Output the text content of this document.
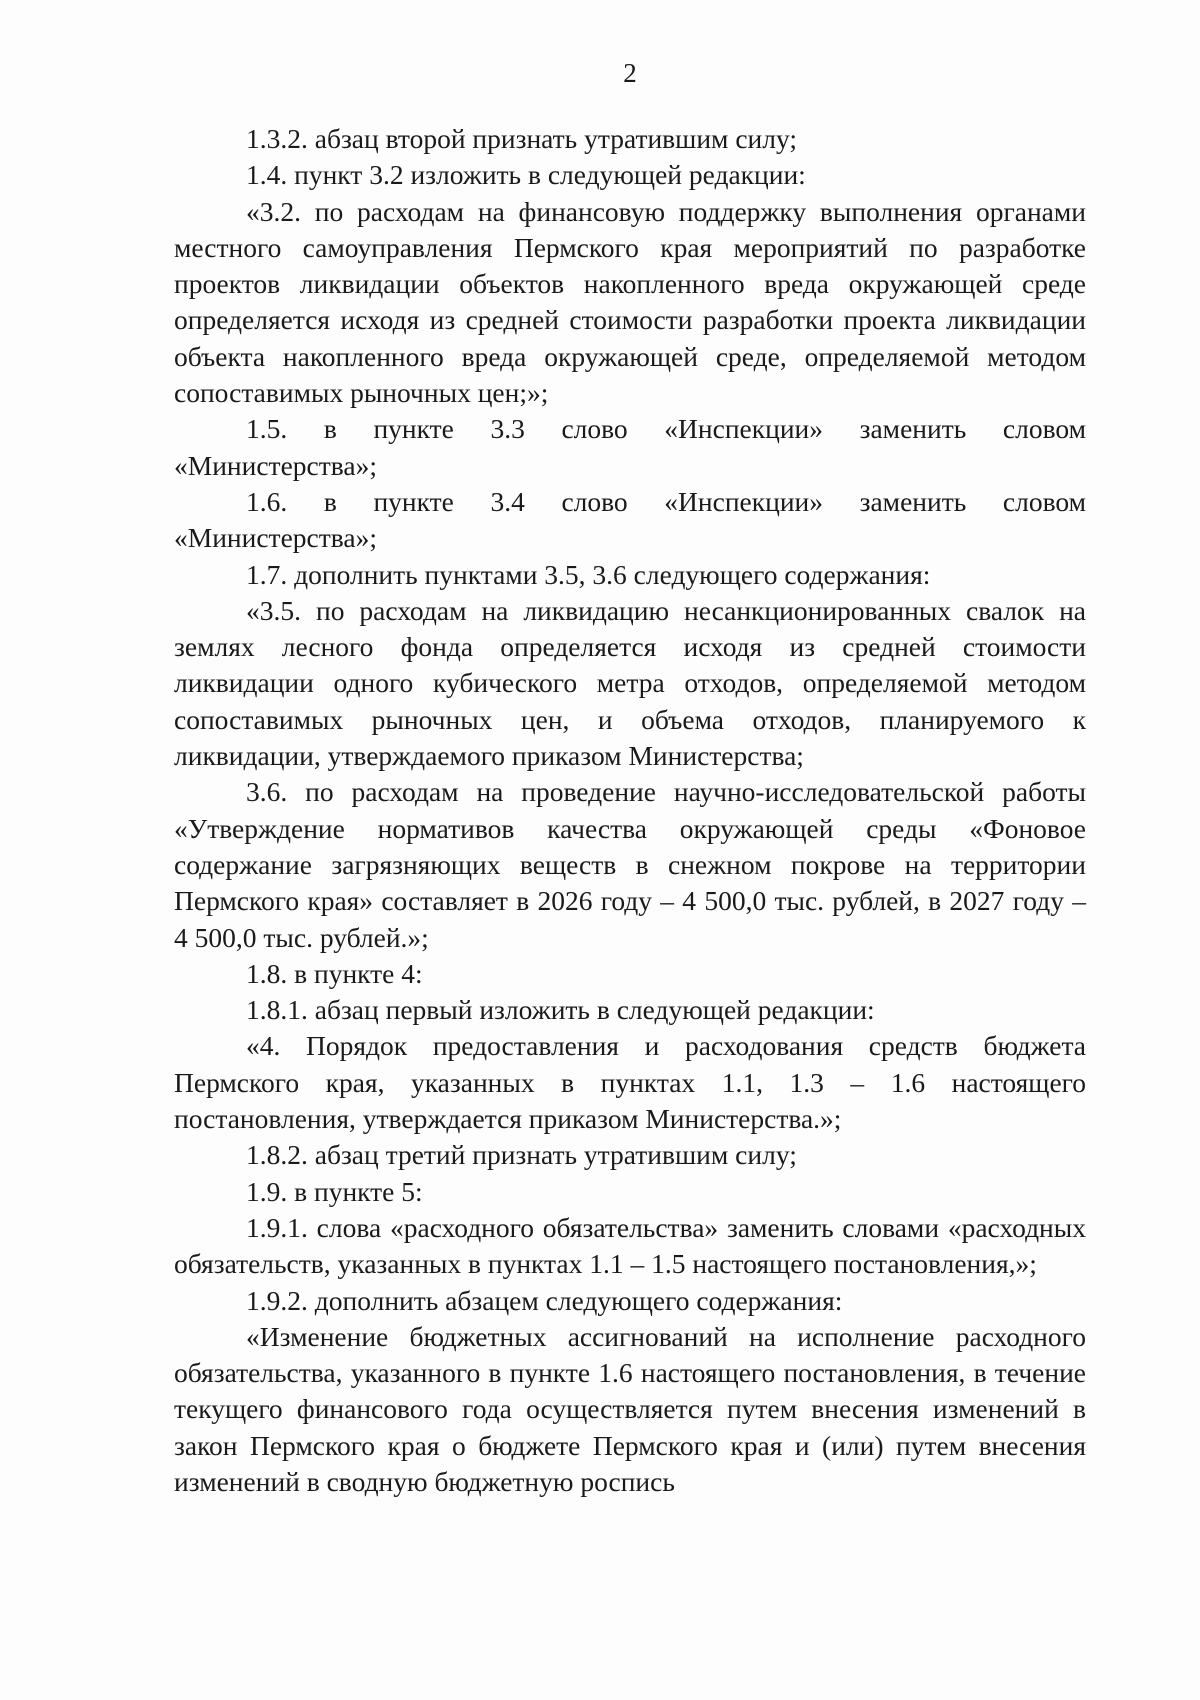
2

1.3.2. абзац второй признать утратившим силу;

1.4. пункт 3.2 изложить в следующей редакции:

«3.2. по расходам на финансовую поддержку выполнения органами местного самоуправления Пермского края мероприятий по разработке проектов ликвидации объектов накопленного вреда окружающей среде определяется исходя из средней стоимости разработки проекта ликвидации объекта накопленного вреда окружающей среде, определяемой методом сопоставимых рыночных цен;»;

1.5. в пункте 3.3 слово «Инспекции» заменить словом «Министерства»;

1.6. в пункте 3.4 слово «Инспекции» заменить словом «Министерства»;

1.7. дополнить пунктами 3.5, 3.6 следующего содержания:

«3.5. по расходам на ликвидацию несанкционированных свалок на землях лесного фонда определяется исходя из средней стоимости ликвидации одного кубического метра отходов, определяемой методом сопоставимых рыночных цен, и объема отходов, планируемого к ликвидации, утверждаемого приказом Министерства;

3.6. по расходам на проведение научно-исследовательской работы «Утверждение нормативов качества окружающей среды «Фоновое содержание загрязняющих веществ в снежном покрове на территории Пермского края» составляет в 2026 году – 4 500,0 тыс. рублей, в 2027 году – 4 500,0 тыс. рублей.»;

1.8. в пункте 4:

1.8.1. абзац первый изложить в следующей редакции:

«4. Порядок предоставления и расходования средств бюджета Пермского края, указанных в пунктах 1.1, 1.3 – 1.6 настоящего постановления, утверждается приказом Министерства.»;

1.8.2. абзац третий признать утратившим силу;

1.9. в пункте 5:

1.9.1. слова «расходного обязательства» заменить словами «расходных обязательств, указанных в пунктах 1.1 – 1.5 настоящего постановления,»;

1.9.2. дополнить абзацем следующего содержания:

«Изменение бюджетных ассигнований на исполнение расходного обязательства, указанного в пункте 1.6 настоящего постановления, в течение текущего финансового года осуществляется путем внесения изменений в закон Пермского края о бюджете Пермского края и (или) путем внесения изменений в сводную бюджетную роспись
